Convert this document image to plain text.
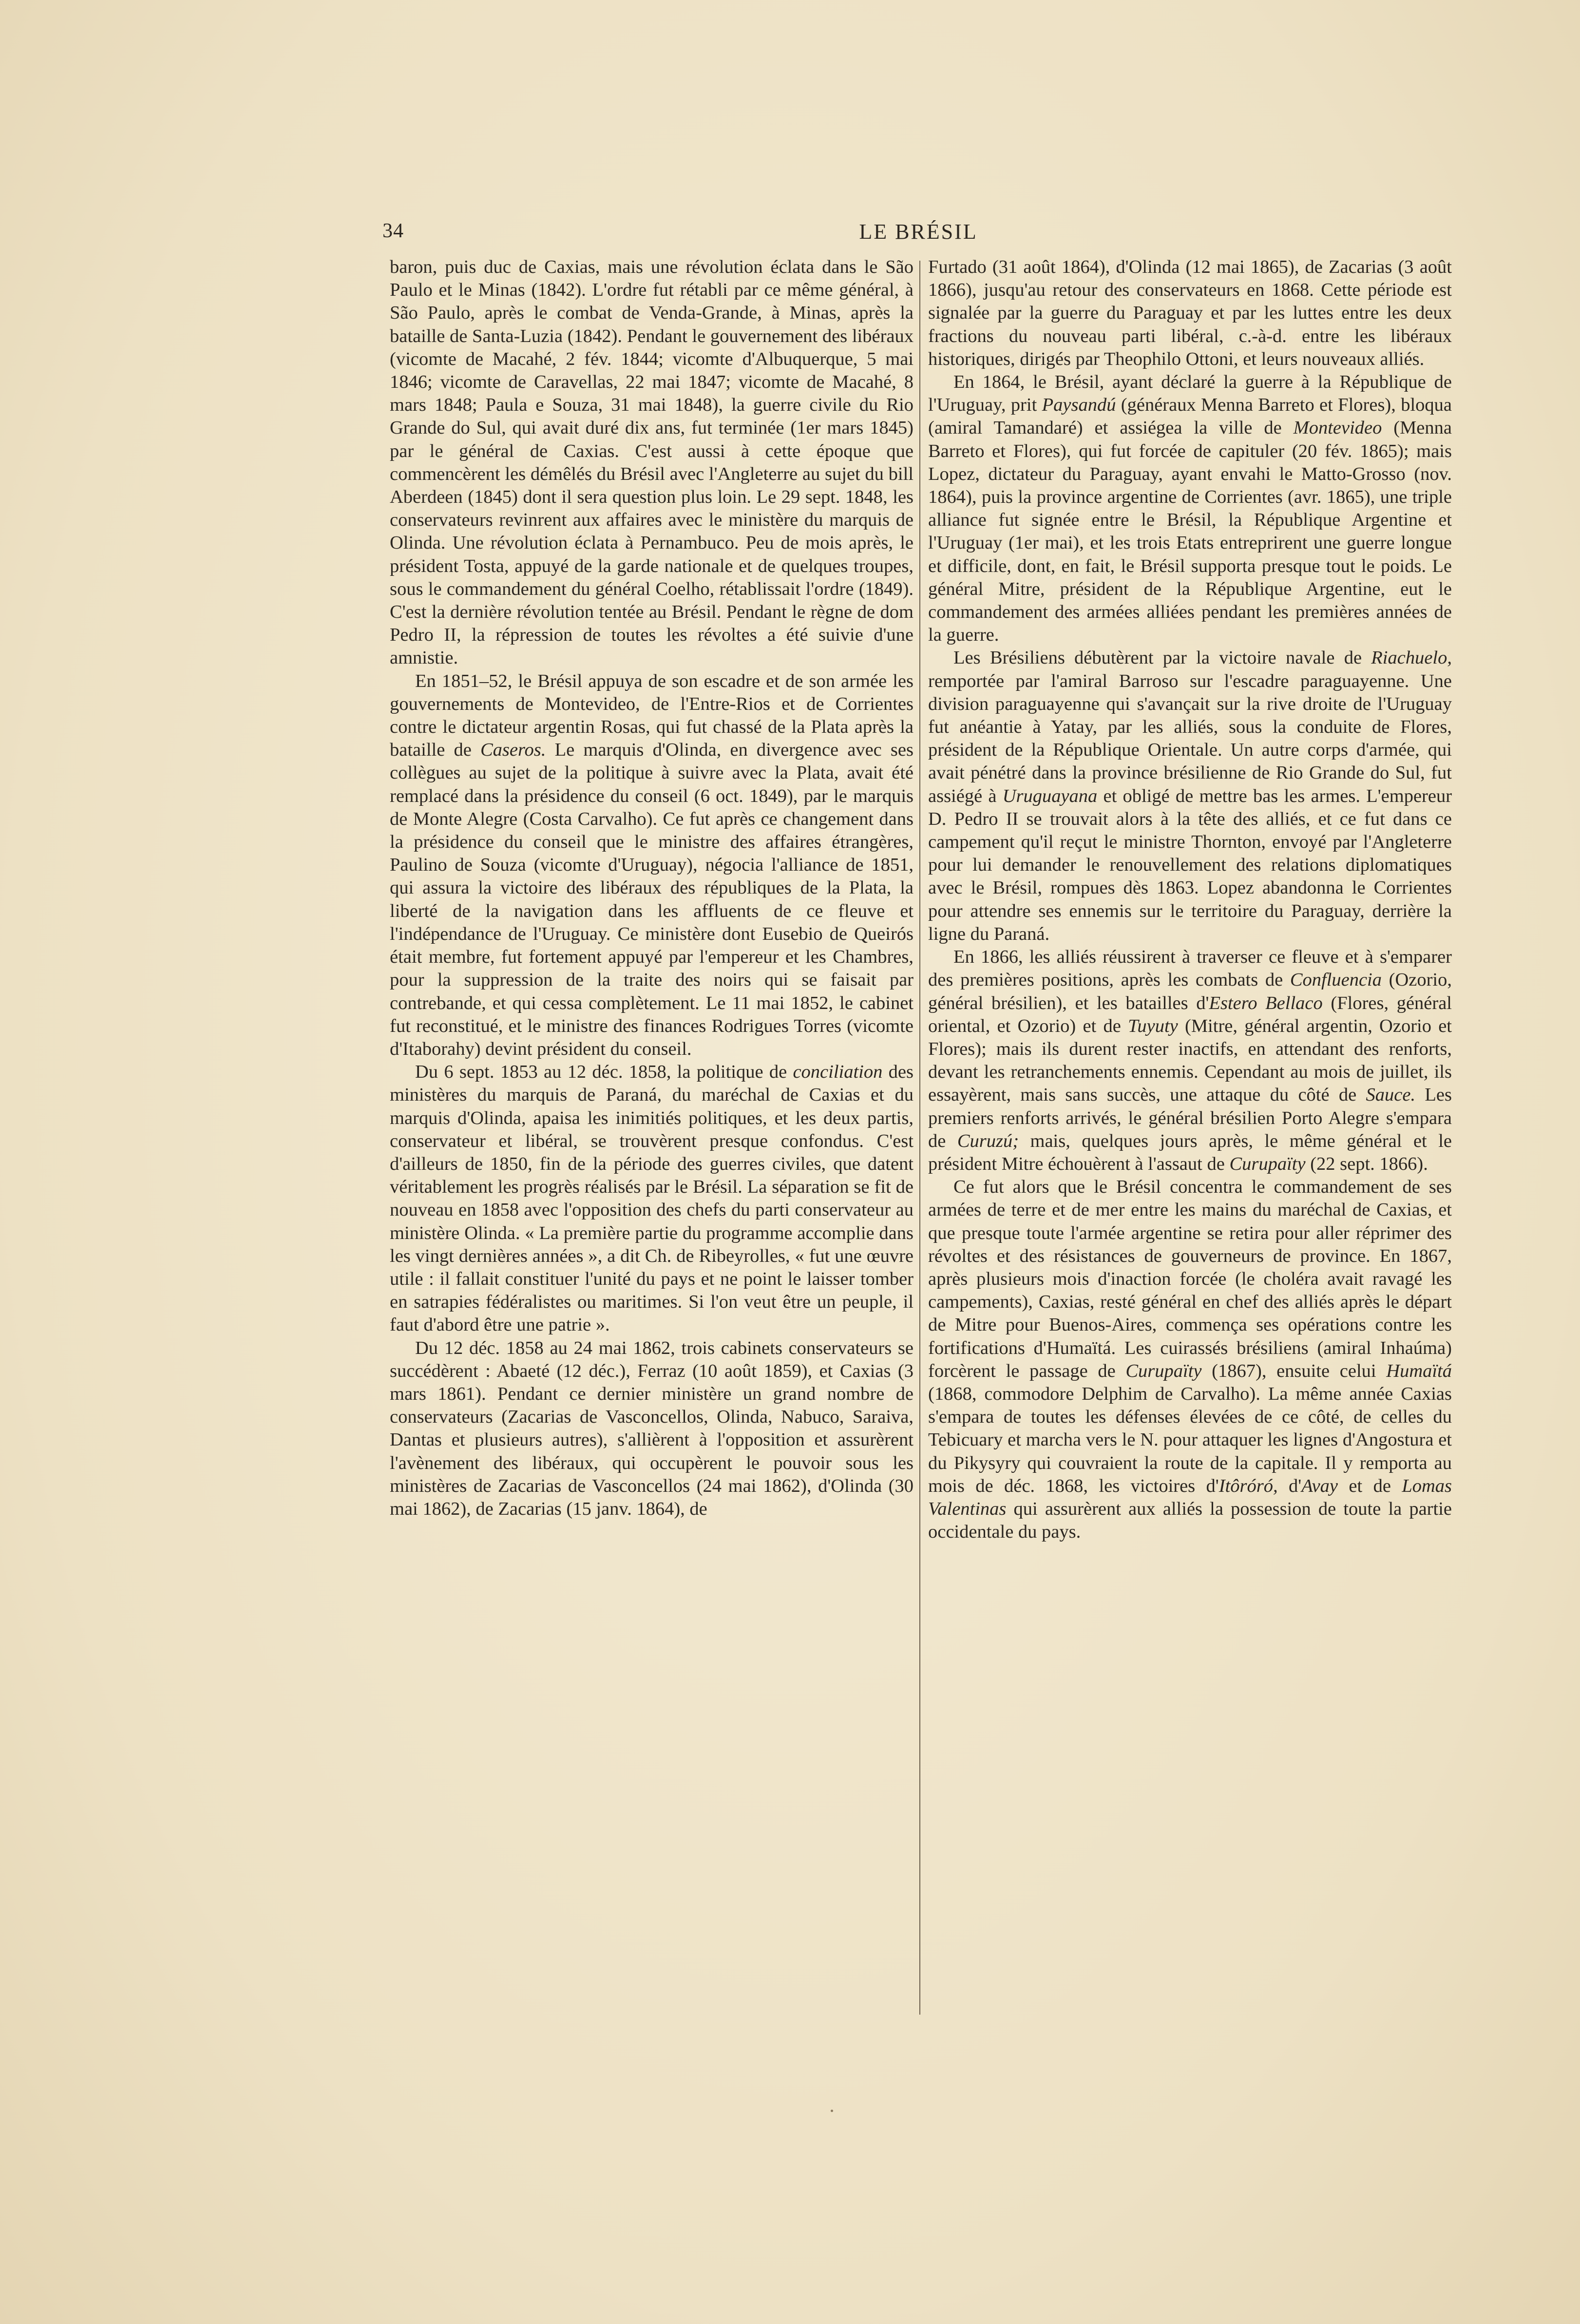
34	LE BRÉSIL

baron, puis duc de Caxias, mais une révolution éclata dans le São Paulo et le Minas (1842). L'ordre fut rétabli par ce même général, à São Paulo, après le combat de Venda-Grande, à Minas, après la bataille de Santa-Luzia (1842). Pendant le gouvernement des libéraux (vicomte de Macahé, 2 fév. 1844; vicomte d'Albuquerque, 5 mai 1846; vicomte de Caravellas, 22 mai 1847; vicomte de Macahé, 8 mars 1848; Paula e Souza, 31 mai 1848), la guerre civile du Rio Grande do Sul, qui avait duré dix ans, fut terminée (1er mars 1845) par le général de Caxias. C'est aussi à cette époque que commencèrent les démêlés du Brésil avec l'Angleterre au sujet du bill Aberdeen (1845) dont il sera question plus loin. Le 29 sept. 1848, les conservateurs revinrent aux affaires avec le ministère du marquis de Olinda. Une révolution éclata à Pernambuco. Peu de mois après, le président Tosta, appuyé de la garde nationale et de quelques troupes, sous le commandement du général Coelho, rétablissait l'ordre (1849). C'est la dernière révolution tentée au Brésil. Pendant le règne de dom Pedro II, la répression de toutes les révoltes a été suivie d'une amnistie.

En 1851–52, le Brésil appuya de son escadre et de son armée les gouvernements de Montevideo, de l'Entre-Rios et de Corrientes contre le dictateur argentin Rosas, qui fut chassé de la Plata après la bataille de Caseros. Le marquis d'Olinda, en divergence avec ses collègues au sujet de la politique à suivre avec la Plata, avait été remplacé dans la présidence du conseil (6 oct. 1849), par le marquis de Monte Alegre (Costa Carvalho). Ce fut après ce changement dans la présidence du conseil que le ministre des affaires étrangères, Paulino de Souza (vicomte d'Uruguay), négocia l'alliance de 1851, qui assura la victoire des libéraux des républiques de la Plata, la liberté de la navigation dans les affluents de ce fleuve et l'indépendance de l'Uruguay. Ce ministère dont Eusebio de Queirós était membre, fut fortement appuyé par l'empereur et les Chambres, pour la suppression de la traite des noirs qui se faisait par contrebande, et qui cessa complètement. Le 11 mai 1852, le cabinet fut reconstitué, et le ministre des finances Rodrigues Torres (vicomte d'Itaborahy) devint président du conseil.

Du 6 sept. 1853 au 12 déc. 1858, la politique de conciliation des ministères du marquis de Paraná, du maréchal de Caxias et du marquis d'Olinda, apaisa les inimitiés politiques, et les deux partis, conservateur et libéral, se trouvèrent presque confondus. C'est d'ailleurs de 1850, fin de la période des guerres civiles, que datent véritablement les progrès réalisés par le Brésil. La séparation se fit de nouveau en 1858 avec l'opposition des chefs du parti conservateur au ministère Olinda. « La première partie du programme accomplie dans les vingt dernières années », a dit Ch. de Ribeyrolles, « fut une œuvre utile : il fallait constituer l'unité du pays et ne point le laisser tomber en satrapies fédéralistes ou maritimes. Si l'on veut être un peuple, il faut d'abord être une patrie ».

Du 12 déc. 1858 au 24 mai 1862, trois cabinets conservateurs se succédèrent : Abaeté (12 déc.), Ferraz (10 août 1859), et Caxias (3 mars 1861). Pendant ce dernier ministère un grand nombre de conservateurs (Zacarias de Vasconcellos, Olinda, Nabuco, Saraiva, Dantas et plusieurs autres), s'allièrent à l'opposition et assurèrent l'avènement des libéraux, qui occupèrent le pouvoir sous les ministères de Zacarias de Vasconcellos (24 mai 1862), d'Olinda (30 mai 1862), de Zacarias (15 janv. 1864), de

Furtado (31 août 1864), d'Olinda (12 mai 1865), de Zacarias (3 août 1866), jusqu'au retour des conservateurs en 1868. Cette période est signalée par la guerre du Paraguay et par les luttes entre les deux fractions du nouveau parti libéral, c.-à-d. entre les libéraux historiques, dirigés par Theophilo Ottoni, et leurs nouveaux alliés.

En 1864, le Brésil, ayant déclaré la guerre à la République de l'Uruguay, prit Paysandú (généraux Menna Barreto et Flores), bloqua (amiral Tamandaré) et assiégea la ville de Montevideo (Menna Barreto et Flores), qui fut forcée de capituler (20 fév. 1865); mais Lopez, dictateur du Paraguay, ayant envahi le Matto-Grosso (nov. 1864), puis la province argentine de Corrientes (avr. 1865), une triple alliance fut signée entre le Brésil, la République Argentine et l'Uruguay (1er mai), et les trois Etats entreprirent une guerre longue et difficile, dont, en fait, le Brésil supporta presque tout le poids. Le général Mitre, président de la République Argentine, eut le commandement des armées alliées pendant les premières années de la guerre.

Les Brésiliens débutèrent par la victoire navale de Riachuelo, remportée par l'amiral Barroso sur l'escadre paraguayenne. Une division paraguayenne qui s'avançait sur la rive droite de l'Uruguay fut anéantie à Yatay, par les alliés, sous la conduite de Flores, président de la République Orientale. Un autre corps d'armée, qui avait pénétré dans la province brésilienne de Rio Grande do Sul, fut assiégé à Uruguayana et obligé de mettre bas les armes. L'empereur D. Pedro II se trouvait alors à la tête des alliés, et ce fut dans ce campement qu'il reçut le ministre Thornton, envoyé par l'Angleterre pour lui demander le renouvellement des relations diplomatiques avec le Brésil, rompues dès 1863. Lopez abandonna le Corrientes pour attendre ses ennemis sur le territoire du Paraguay, derrière la ligne du Paraná.

En 1866, les alliés réussirent à traverser ce fleuve et à s'emparer des premières positions, après les combats de Confluencia (Ozorio, général brésilien), et les batailles d'Estero Bellaco (Flores, général oriental, et Ozorio) et de Tuyuty (Mitre, général argentin, Ozorio et Flores); mais ils durent rester inactifs, en attendant des renforts, devant les retranchements ennemis. Cependant au mois de juillet, ils essayèrent, mais sans succès, une attaque du côté de Sauce. Les premiers renforts arrivés, le général brésilien Porto Alegre s'empara de Curuzú; mais, quelques jours après, le même général et le président Mitre échouèrent à l'assaut de Curupaïty (22 sept. 1866).

Ce fut alors que le Brésil concentra le commandement de ses armées de terre et de mer entre les mains du maréchal de Caxias, et que presque toute l'armée argentine se retira pour aller réprimer des révoltes et des résistances de gouverneurs de province. En 1867, après plusieurs mois d'inaction forcée (le choléra avait ravagé les campements), Caxias, resté général en chef des alliés après le départ de Mitre pour Buenos-Aires, commença ses opérations contre les fortifications d'Humaïtá. Les cuirassés brésiliens (amiral Inhaúma) forcèrent le passage de Curupaïty (1867), ensuite celui Humaïtá (1868, commodore Delphim de Carvalho). La même année Caxias s'empara de toutes les défenses élevées de ce côté, de celles du Tebicuary et marcha vers le N. pour attaquer les lignes d'Angostura et du Pikysyry qui couvraient la route de la capitale. Il y remporta au mois de déc. 1868, les victoires d'Itôróró, d'Avay et de Lomas Valentinas qui assurèrent aux alliés la possession de toute la partie occidentale du pays.
